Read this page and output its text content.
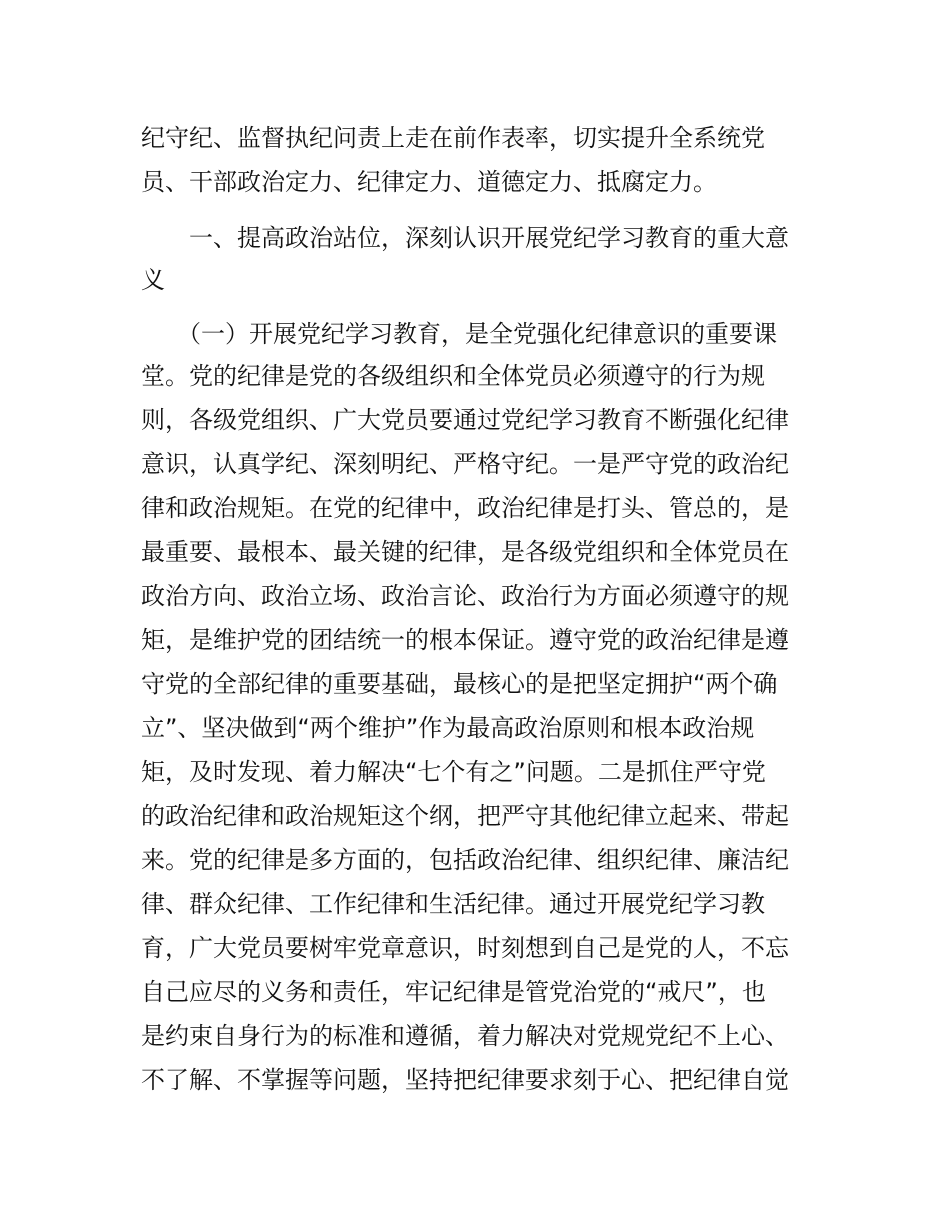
纪守纪、监督执纪问责上走在前作表率，切实提升全系统党
员、干部政治定力、纪律定力、道德定力、抵腐定力。
　　一、提高政治站位，深刻认识开展党纪学习教育的重大意
义
　　（一）开展党纪学习教育，是全党强化纪律意识的重要课
堂。党的纪律是党的各级组织和全体党员必须遵守的行为规
则，各级党组织、广大党员要通过党纪学习教育不断强化纪律
意识，认真学纪、深刻明纪、严格守纪。一是严守党的政治纪
律和政治规矩。在党的纪律中，政治纪律是打头、管总的，是
最重要、最根本、最关键的纪律，是各级党组织和全体党员在
政治方向、政治立场、政治言论、政治行为方面必须遵守的规
矩，是维护党的团结统一的根本保证。遵守党的政治纪律是遵
守党的全部纪律的重要基础，最核心的是把坚定拥护“两个确
立”、坚决做到“两个维护”作为最高政治原则和根本政治规
矩，及时发现、着力解决“七个有之”问题。二是抓住严守党
的政治纪律和政治规矩这个纲，把严守其他纪律立起来、带起
来。党的纪律是多方面的，包括政治纪律、组织纪律、廉洁纪
律、群众纪律、工作纪律和生活纪律。通过开展党纪学习教
育，广大党员要树牢党章意识，时刻想到自己是党的人，不忘
自己应尽的义务和责任，牢记纪律是管党治党的“戒尺”，也
是约束自身行为的标准和遵循，着力解决对党规党纪不上心、
不了解、不掌握等问题，坚持把纪律要求刻于心、把纪律自觉
